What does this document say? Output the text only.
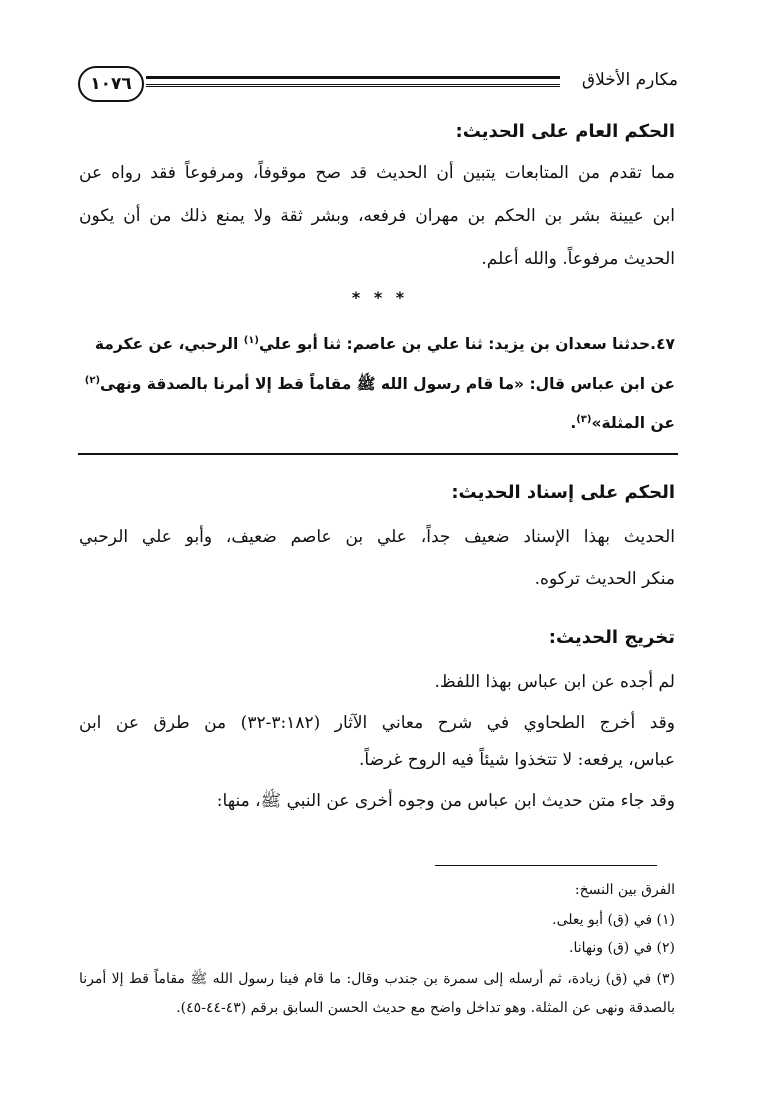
١٠٧٦	مكارم الأخلاق
الحكم العام على الحديث:
مما تقدم من المتابعات يتبين أن الحديث قد صح موقوفاً، ومرفوعاً فقد رواه عن
ابن عيينة بشر بن الحكم بن مهران فرفعه، وبشر ثقة ولا يمنع ذلك من أن يكون
الحديث مرفوعاً. والله أعلم.
* * *
٤٧.حدثنا سعدان بن يزيد: ثنا علي بن عاصم: ثنا أبو علي$^{(١)}$ الرحبي، عن عكرمة
عن ابن عباس قال: «ما قام رسول الله ﷺ مقاماً قط إلا أمرنا بالصدقة ونهى$^{(٢)}$
عن المثلة»$^{(٣)}$.
الحكم على إسناد الحديث:
الحديث بهذا الإسناد ضعيف جداً، علي بن عاصم ضعيف، وأبو علي الرحبي
منكر الحديث تركوه.
تخريج الحديث:
لم أجده عن ابن عباس بهذا اللفظ.
وقد أخرج الطحاوي في شرح معاني الآثار (٣:١٨٢-٣٢) من طرق عن ابن
عباس، يرفعه: لا تتخذوا شيئاً فيه الروح غرضاً.
وقد جاء متن حديث ابن عباس من وجوه أخرى عن النبي ﷺ، منها:
الفرق بين النسخ:
(١) في (ق) أبو يعلى.
(٢) في (ق) ونهانا.
(٣) في (ق) زيادة، ثم أرسله إلى سمرة بن جندب وقال: ما قام فينا رسول الله ﷺ مقاماً قط إلا أمرنا
بالصدقة ونهى عن المثلة. وهو تداخل واضح مع حديث الحسن السابق برقم (٤٣-٤٤-٤٥).
